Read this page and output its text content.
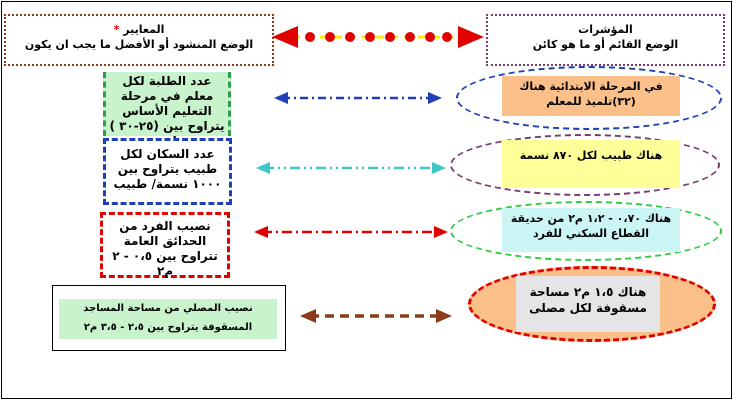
المعايير *
الوضع المنشود أو الأفضل ما يجب ان يكون
المؤشرات
الوضع القائم أو ما هو كائن
عدد الطلبة لكل معلم في مرحلة التعليم الأساس يتراوح بين (٢٥-٣٠ )
عدد السكان لكل طبيب يتراوح بين ١٠٠٠ نسمة/ طبيب
نصيب الفرد من الحدائق العامة تتراوح بين ٠،٥ - ٢ م٢
نصيب المصلي من مساحة المساجد المسقوفة يتراوح بين ٢،٥ - ٣،٥ م٢
في المرحلة الابتدائية هناك (٣٢)تلميذ للمعلم
هناك طبيب لكل ٨٧٠ نسمة
هناك ٠،٧٠ - ١،٢ م٢ من حديقة القطاع السكني للفرد
هناك ١،٥ م٢ مساحة مسقوفة لكل مصلى
